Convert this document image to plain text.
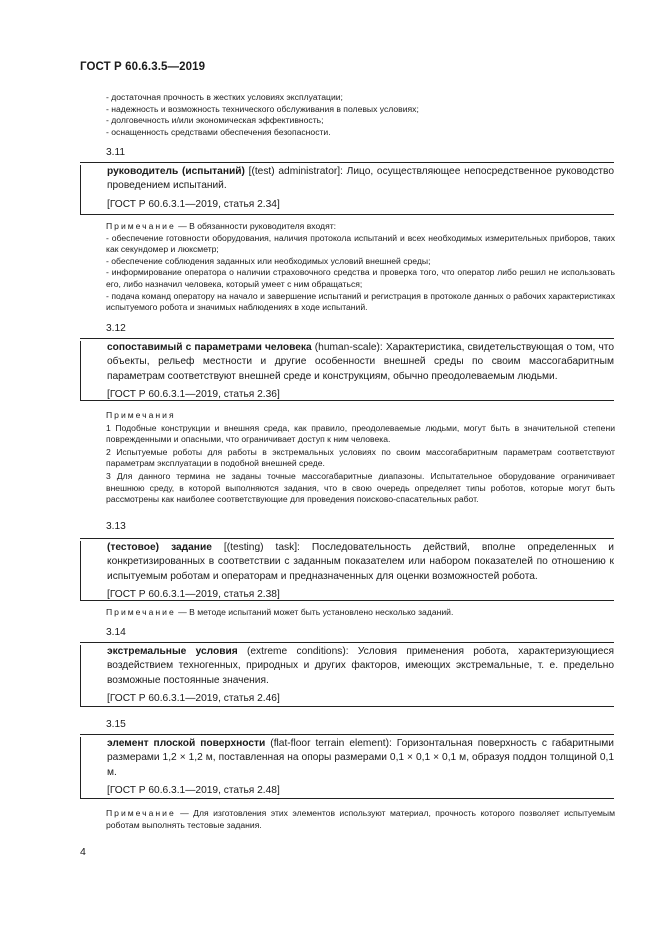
ГОСТ Р 60.6.3.5—2019

- достаточная прочность в жестких условиях эксплуатации;

- надежность и возможность технического обслуживания в полевых условиях;

- долговечность и/или экономическая эффективность;

- оснащенность средствами обеспечения безопасности.

3.11

руководитель (испытаний) [(test) administrator]: Лицо, осуществляющее непосредственное руководство проведением испытаний.

[ГОСТ Р 60.6.3.1—2019, статья 2.34]

Примечание — В обязанности руководителя входят:

- обеспечение готовности оборудования, наличия протокола испытаний и всех необходимых измерительных приборов, таких как секундомер и люксметр;

- обеспечение соблюдения заданных или необходимых условий внешней среды;

- информирование оператора о наличии страховочного средства и проверка того, что оператор либо решил не использовать его, либо назначил человека, который умеет с ним обращаться;

- подача команд оператору на начало и завершение испытаний и регистрация в протоколе данных о рабочих характеристиках испытуемого робота и значимых наблюдениях в ходе испытаний.

3.12

сопоставимый с параметрами человека (human-scale): Характеристика, свидетельствующая о том, что объекты, рельеф местности и другие особенности внешней среды по своим массогабаритным параметрам соответствуют внешней среде и конструкциям, обычно преодолеваемым людьми.

[ГОСТ Р 60.6.3.1—2019, статья 2.36]

Примечания

1 Подобные конструкции и внешняя среда, как правило, преодолеваемые людьми, могут быть в значительной степени поврежденными и опасными, что ограничивает доступ к ним человека.

2 Испытуемые роботы для работы в экстремальных условиях по своим массогабаритным параметрам соответствуют параметрам эксплуатации в подобной внешней среде.

3 Для данного термина не заданы точные массогабаритные диапазоны. Испытательное оборудование ограничивает внешнюю среду, в которой выполняются задания, что в свою очередь определяет типы роботов, которые могут быть рассмотрены как наиболее соответствующие для проведения поисково-спасательных работ.

3.13

(тестовое) задание [(testing) task]: Последовательность действий, вполне определенных и конкретизированных в соответствии с заданным показателем или набором показателей по отношению к испытуемым роботам и операторам и предназначенных для оценки возможностей робота.

[ГОСТ Р 60.6.3.1—2019, статья 2.38]

Примечание — В методе испытаний может быть установлено несколько заданий.

3.14

экстремальные условия (extreme conditions): Условия применения робота, характеризующиеся воздействием техногенных, природных и других факторов, имеющих экстремальные, т. е. предельно возможные постоянные значения.

[ГОСТ Р 60.6.3.1—2019, статья 2.46]

3.15

элемент плоской поверхности (flat-floor terrain element): Горизонтальная поверхность с габаритными размерами 1,2 × 1,2 м, поставленная на опоры размерами 0,1 × 0,1 × 0,1 м, образуя поддон толщиной 0,1 м.

[ГОСТ Р 60.6.3.1—2019, статья 2.48]

Примечание — Для изготовления этих элементов используют материал, прочность которого позволяет испытуемым роботам выполнять тестовые задания.

4
